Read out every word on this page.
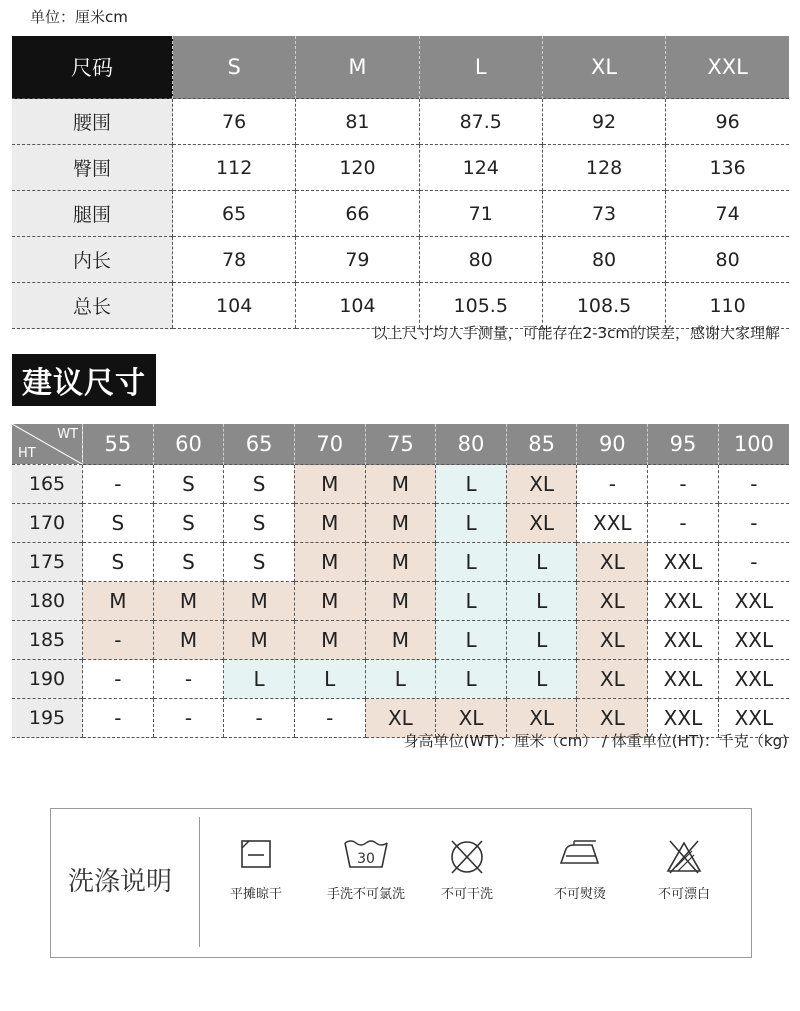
单位：厘米cm
尺码	S	M	L	XL	XXL
腰围	76	81	87.5	92	96
臀围	112	120	124	128	136
腿围	65	66	71	73	74
内长	78	79	80	80	80
总长	104	104	105.5	108.5	110
以上尺寸均人手测量，可能存在2-3cm的误差，感谢大家理解
建议尺寸
WT
HT	55	60	65	70	75	80	85	90	95	100
165	-	S	S	M	M	L	XL	-	-	-
170	S	S	S	M	M	L	XL	XXL	-	-
175	S	S	S	M	M	L	L	XL	XXL	-
180	M	M	M	M	M	L	L	XL	XXL	XXL
185	-	M	M	M	M	L	L	XL	XXL	XXL
190	-	-	L	L	L	L	L	XL	XXL	XXL
195	-	-	-	-	XL	XL	XL	XL	XXL	XXL
身高单位(WT)：厘米（cm） / 体重单位(HT)：千克（kg)
洗涤说明	平摊晾干
30
手洗不可氯洗	不可干洗	不可熨烫	不可漂白
